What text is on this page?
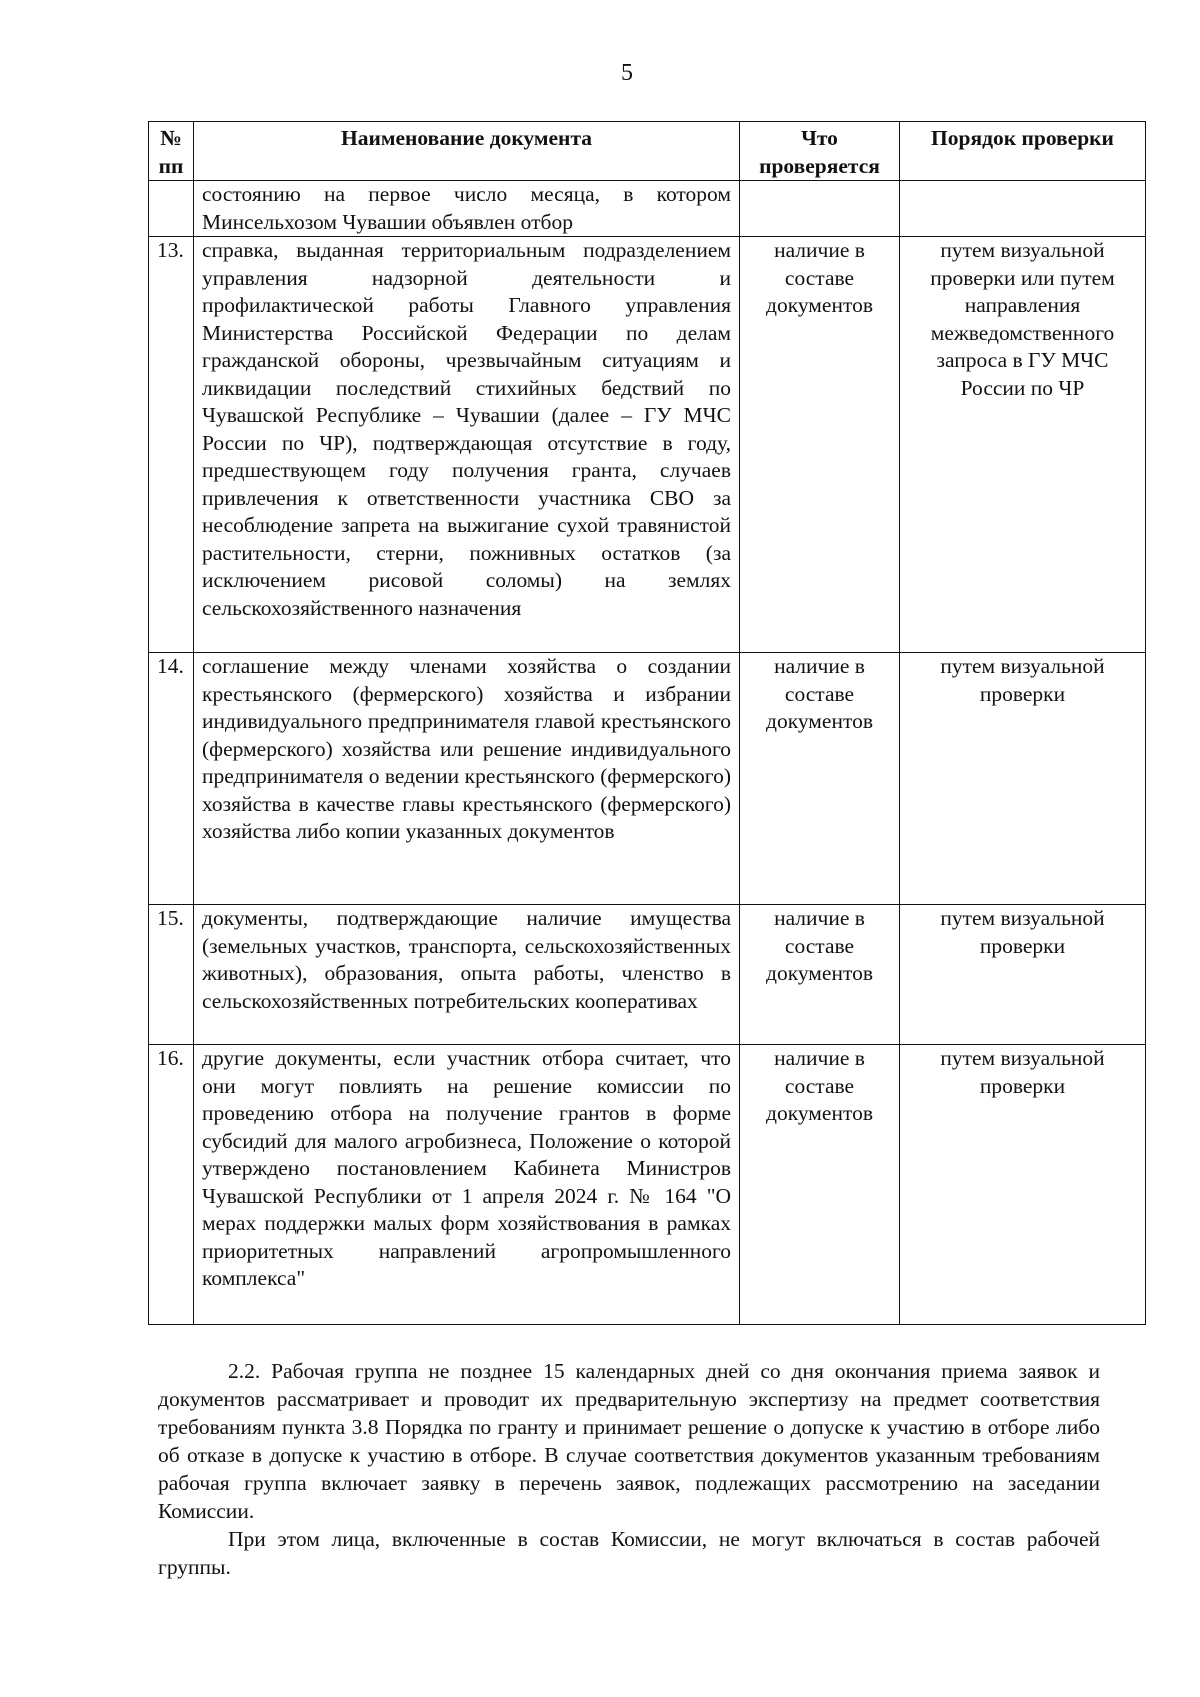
5
№ пп	Наименование документа	Что проверяется	Порядок проверки
	состоянию на первое число месяца, в котором Минсельхозом Чувашии объявлен отбор		
13.	справка, выданная территориальным подразделением управления надзорной деятельности и профилактической работы Главного управления Министерства Российской Федерации по делам гражданской обороны, чрезвычайным ситуациям и ликвидации последствий стихийных бедствий по Чувашской Республике – Чувашии (далее – ГУ МЧС России по ЧР), подтверждающая отсутствие в году, предшествующем году получения гранта, случаев привлечения к ответственности участника СВО за несоблюдение запрета на выжигание сухой травянистой растительности, стерни, пожнивных остатков (за исключением рисовой соломы) на землях сельскохозяйственного назначения	наличие в составе документов	путем визуальной проверки или путем направления межведомственного запроса в ГУ МЧС России по ЧР
14.	соглашение между членами хозяйства о создании крестьянского (фермерского) хозяйства и избрании индивидуального предпринимателя главой крестьянского (фермерского) хозяйства или решение индивидуального предпринимателя о ведении крестьянского (фермерского) хозяйства в качестве главы крестьянского (фермерского) хозяйства либо копии указанных документов	наличие в составе документов	путем визуальной проверки
15.	документы, подтверждающие наличие имущества (земельных участков, транспорта, сельскохозяйственных животных), образования, опыта работы, членство в сельскохозяйственных потребительских кооперативах	наличие в составе документов	путем визуальной проверки
16.	другие документы, если участник отбора считает, что они могут повлиять на решение комиссии по проведению отбора на получение грантов в форме субсидий для малого агробизнеса, Положение о которой утверждено постановлением Кабинета Министров Чувашской Республики от 1 апреля 2024 г. № 164 "О мерах поддержки малых форм хозяйствования в рамках приоритетных направлений агропромышленного комплекса"	наличие в составе документов	путем визуальной проверки

2.2. Рабочая группа не позднее 15 календарных дней со дня окончания приема заявок и документов рассматривает и проводит их предварительную экспертизу на предмет соответствия требованиям пункта 3.8 Порядка по гранту и принимает решение о допуске к участию в отборе либо об отказе в допуске к участию в отборе. В случае соответствия документов указанным требованиям рабочая группа включает заявку в перечень заявок, подлежащих рассмотрению на заседании Комиссии.

При этом лица, включенные в состав Комиссии, не могут включаться в состав рабочей группы.
